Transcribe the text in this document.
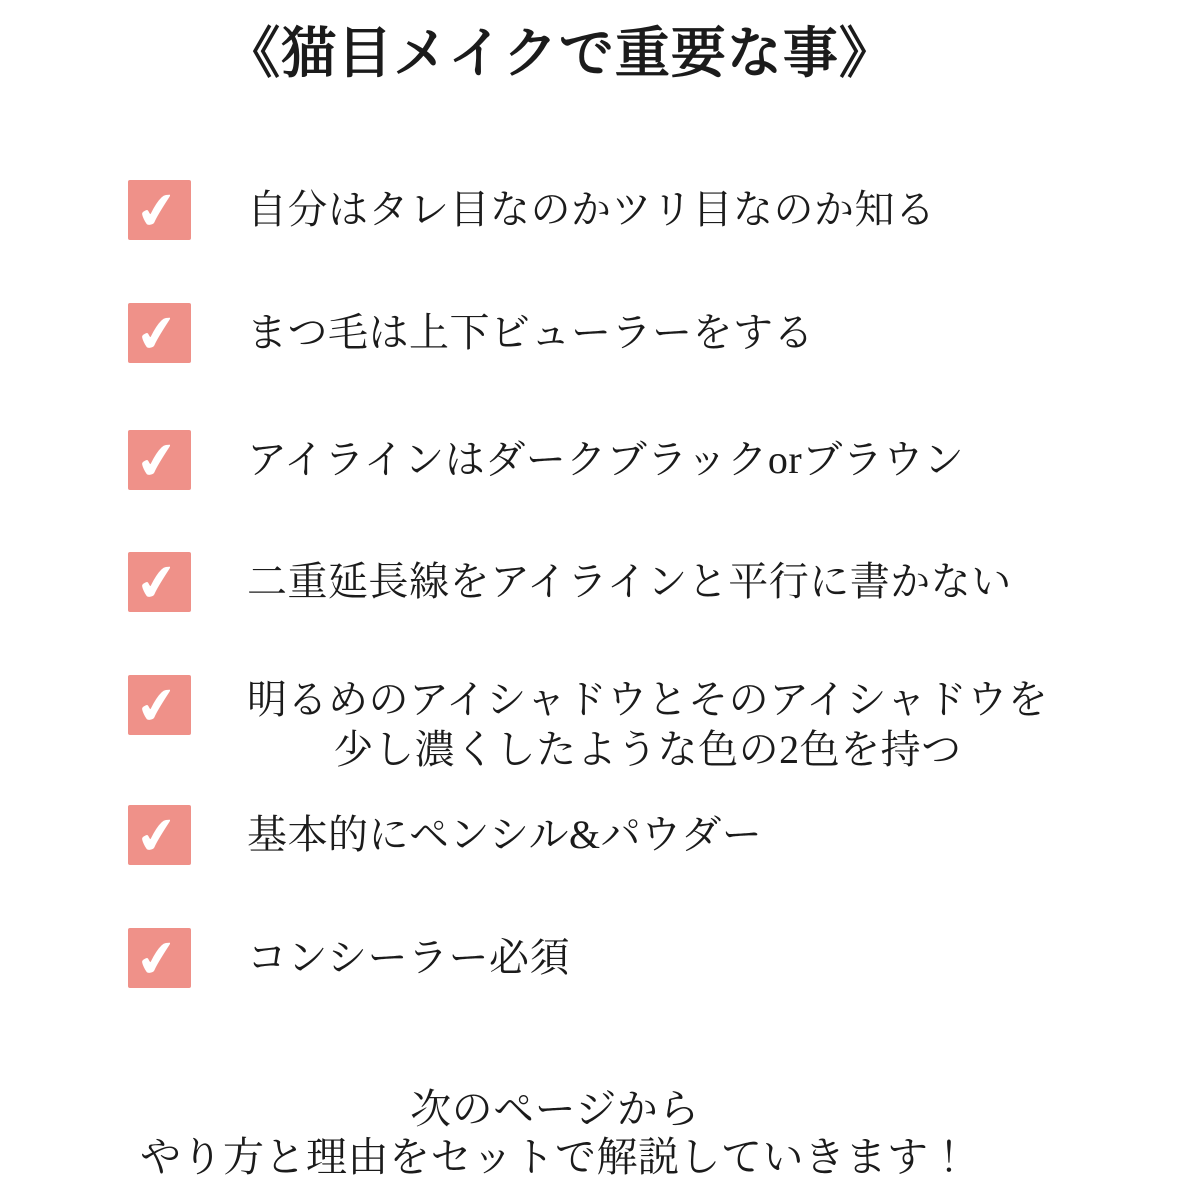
《猫目メイクで重要な事》
✔ 自分はタレ目なのかツリ目なのか知る
✔ まつ毛は上下ビューラーをする
✔ アイラインはダークブラックorブラウン
✔ 二重延長線をアイラインと平行に書かない
✔ 明るめのアイシャドウとそのアイシャドウを
少し濃くしたような色の2色を持つ
✔ 基本的にペンシル&パウダー
✔ コンシーラー必須
次のページから
やり方と理由をセットで解説していきます！
